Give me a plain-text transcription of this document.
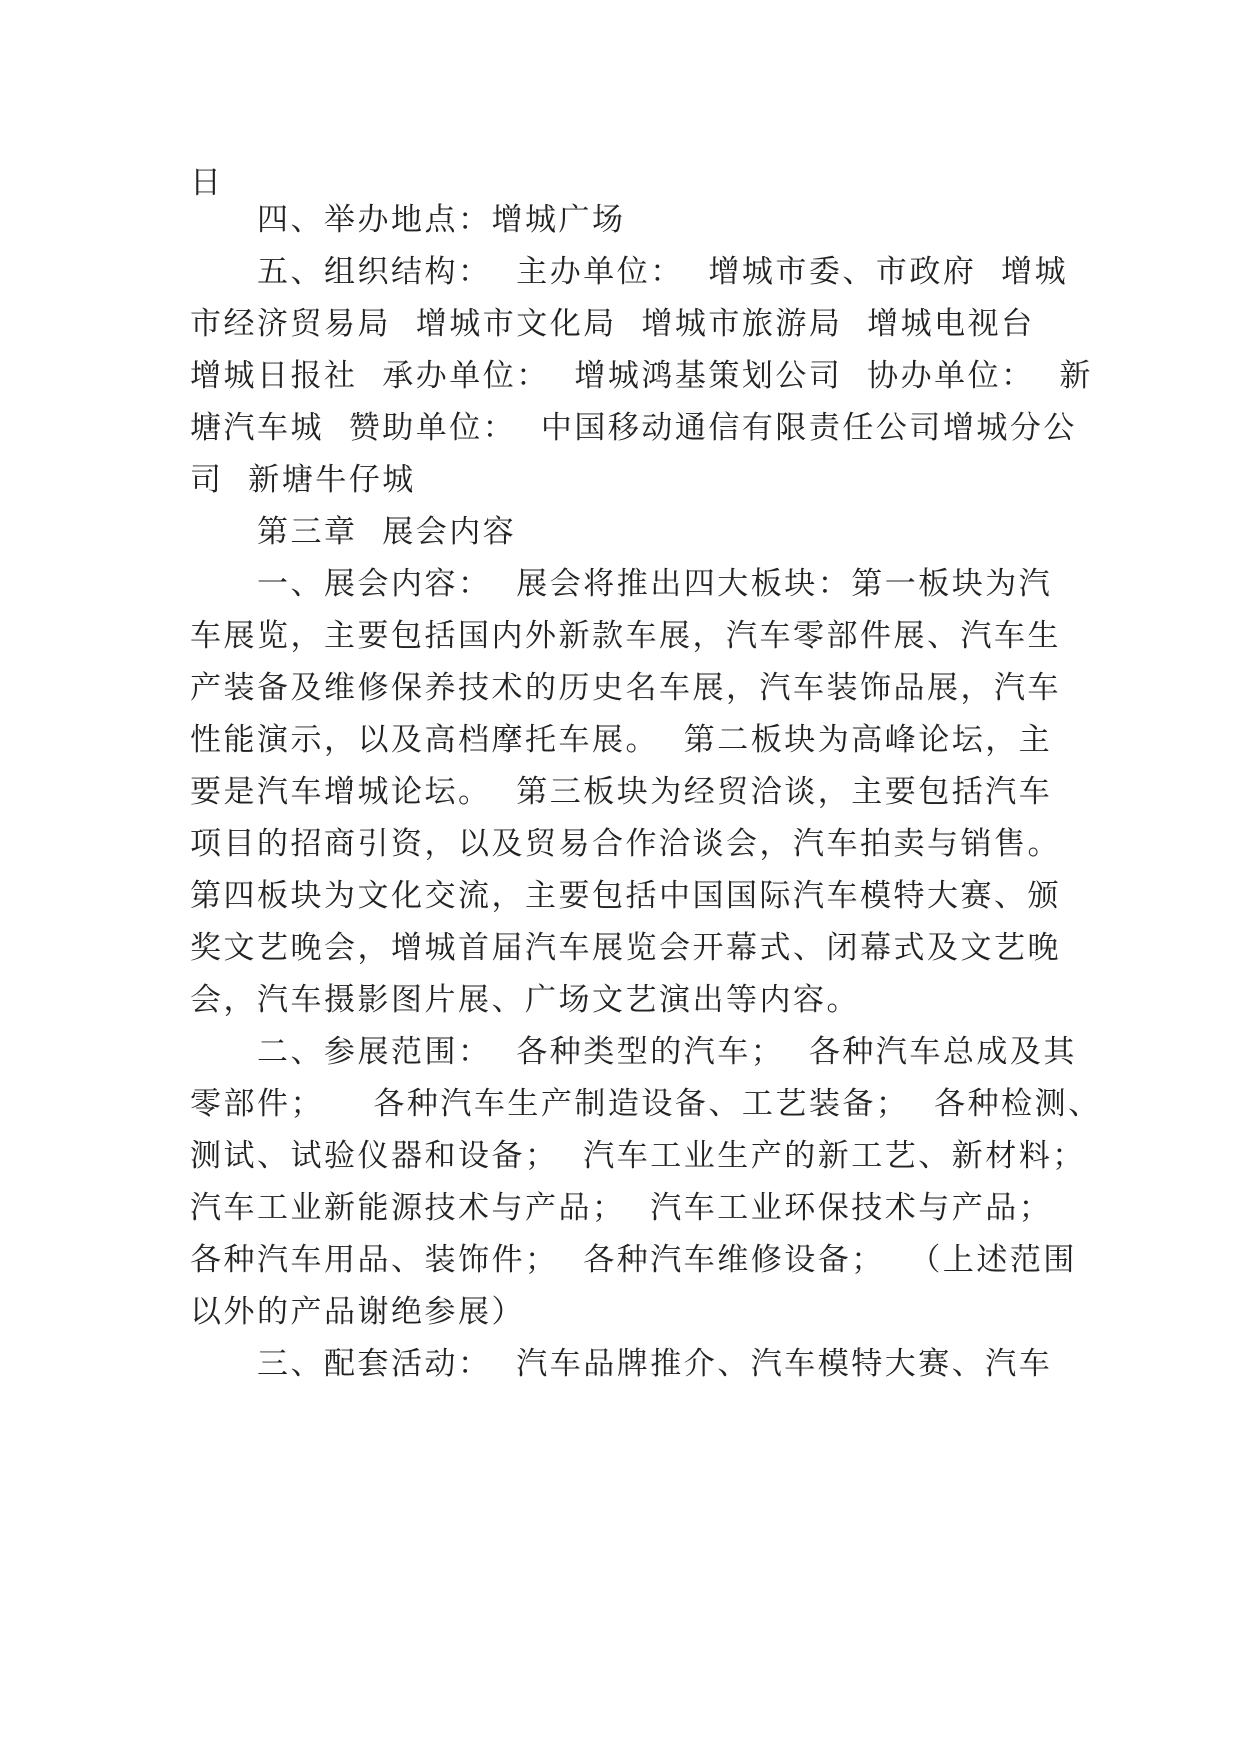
日
四、举办地点：增城广场
五、组织结构：  主办单位：  增城市委、市政府  增城
市经济贸易局  增城市文化局  增城市旅游局  增城电视台
增城日报社  承办单位：  增城鸿基策划公司  协办单位：  新
塘汽车城  赞助单位：  中国移动通信有限责任公司增城分公
司  新塘牛仔城
第三章  展会内容
一、展会内容：  展会将推出四大板块：第一板块为汽
车展览，主要包括国内外新款车展，汽车零部件展、汽车生
产装备及维修保养技术的历史名车展，汽车装饰品展，汽车
性能演示，以及高档摩托车展。  第二板块为高峰论坛，主
要是汽车增城论坛。  第三板块为经贸洽谈，主要包括汽车
项目的招商引资，以及贸易合作洽谈会，汽车拍卖与销售。
第四板块为文化交流，主要包括中国国际汽车模特大赛、颁
奖文艺晚会，增城首届汽车展览会开幕式、闭幕式及文艺晚
会，汽车摄影图片展、广场文艺演出等内容。
二、参展范围：  各种类型的汽车；  各种汽车总成及其
零部件；    各种汽车生产制造设备、工艺装备；  各种检测、
测试、试验仪器和设备；  汽车工业生产的新工艺、新材料；
汽车工业新能源技术与产品；  汽车工业环保技术与产品；
各种汽车用品、装饰件；  各种汽车维修设备；  （上述范围
以外的产品谢绝参展）
三、配套活动：  汽车品牌推介、汽车模特大赛、汽车
